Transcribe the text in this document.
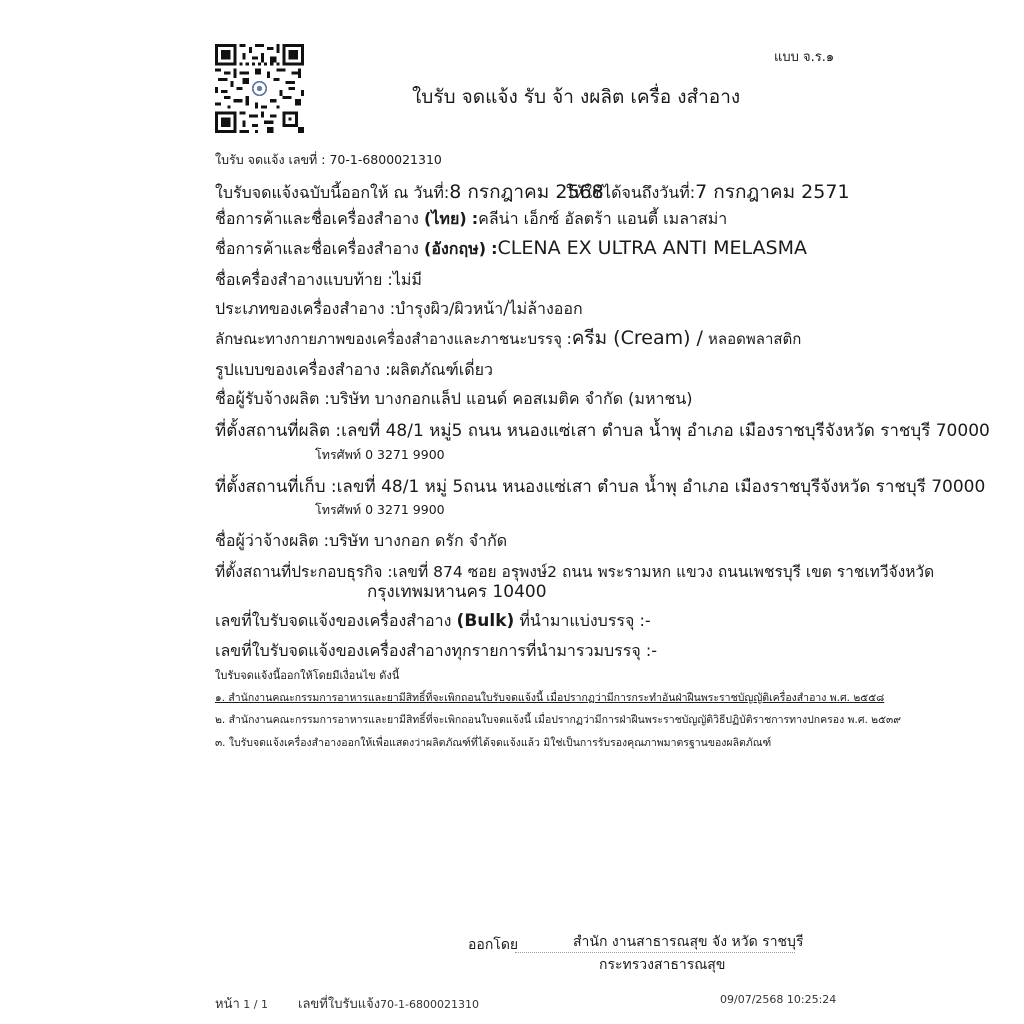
แบบ จ.ร.๑
ใบรับ จดแจ้ง รับ จ้า งผลิต เครื่อ งสำอาง
ใบรับ จดแจ้ง เลขที่ : 70-1-6800021310
ใบรับจดแจ้งฉบับนี้ออกให้ ณ วันที่:8 กรกฎาคม 2568
ให้ใช้ได้จนถึงวันที่:7 กรกฎาคม 2571
ชื่อการค้าและชื่อเครื่องสำอาง (ไทย) :คลีน่า เอ็กซ์ อัลตร้า แอนตี้ เมลาสม่า
ชื่อการค้าและชื่อเครื่องสำอาง (อังกฤษ) :CLENA EX ULTRA ANTI MELASMA
ชื่อเครื่องสำอางแบบท้าย :ไม่มี
ประเภทของเครื่องสำอาง :บำรุงผิว/ผิวหน้า/ไม่ล้างออก
ลักษณะทางกายภาพของเครื่องสำอางและภาชนะบรรจุ :ครีม (Cream) / หลอดพลาสติก
รูปแบบของเครื่องสำอาง :ผลิตภัณฑ์เดี่ยว
ชื่อผู้รับจ้างผลิต :บริษัท บางกอกแล็ป แอนด์ คอสเมติค จำกัด (มหาชน)
ที่ตั้งสถานที่ผลิต :เลขที่ 48/1 หมู่5 ถนน หนองแซ่เสา ตำบล น้ำพุ อำเภอ เมืองราชบุรีจังหวัด ราชบุรี 70000
โทรศัพท์ 0 3271 9900
ที่ตั้งสถานที่เก็บ :เลขที่ 48/1 หมู่ 5ถนน หนองแซ่เสา ตำบล น้ำพุ อำเภอ เมืองราชบุรีจังหวัด ราชบุรี 70000
โทรศัพท์ 0 3271 9900
ชื่อผู้ว่าจ้างผลิต :บริษัท บางกอก ดรัก จำกัด
ที่ตั้งสถานที่ประกอบธุรกิจ :เลขที่ 874 ซอย อรุพงษ์2 ถนน พระรามหก แขวง ถนนเพชรบุรี เขต ราชเทวีจังหวัด
กรุงเทพมหานคร 10400
เลขที่ใบรับจดแจ้งของเครื่องสำอาง (Bulk) ที่นำมาแบ่งบรรจุ :-
เลขที่ใบรับจดแจ้งของเครื่องสำอางทุกรายการที่นำมารวมบรรจุ :-
ใบรับจดแจ้งนี้ออกให้โดยมีเงื่อนไข ดังนี้
๑. สำนักงานคณะกรรมการอาหารและยามีสิทธิ์ที่จะเพิกถอนใบรับจดแจ้งนี้ เมื่อปรากฏว่ามีการกระทำอันฝ่าฝืนพระราชบัญญัติเครื่องสำอาง พ.ศ. ๒๕๕๘
๒. สำนักงานคณะกรรมการอาหารและยามีสิทธิ์ที่จะเพิกถอนใบจดแจ้งนี้ เมื่อปรากฏว่ามีการฝ่าฝืนพระราชบัญญัติวิธีปฏิบัติราชการทางปกครอง พ.ศ. ๒๕๓๙
๓. ใบรับจดแจ้งเครื่องสำอางออกให้เพื่อแสดงว่าผลิตภัณฑ์ที่ได้จดแจ้งแล้ว มิใช่เป็นการรับรองคุณภาพมาตรฐานของผลิตภัณฑ์
ออกโดย	สำนัก งานสาธารณสุข จัง หวัด ราชบุรี
กระทรวงสาธารณสุข
หน้า 1 / 1 เลขที่ใบรับแจ้ง70-1-6800021310	09/07/2568 10:25:24
